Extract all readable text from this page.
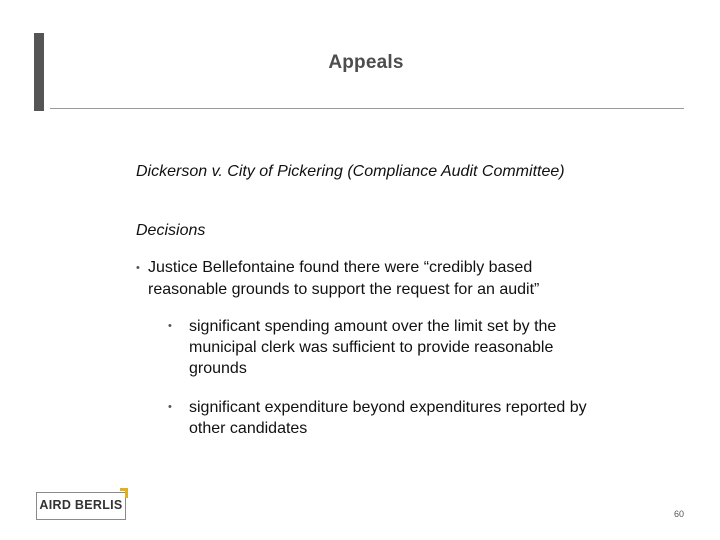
Appeals
Dickerson v. City of Pickering (Compliance Audit Committee)
Decisions
• Justice Bellefontaine found there were “credibly based reasonable grounds to support the request for an audit”
•	significant spending amount over the limit set by the municipal clerk was sufficient to provide reasonable grounds
•	significant expenditure beyond expenditures reported by other candidates
AIRD BERLIS
60
